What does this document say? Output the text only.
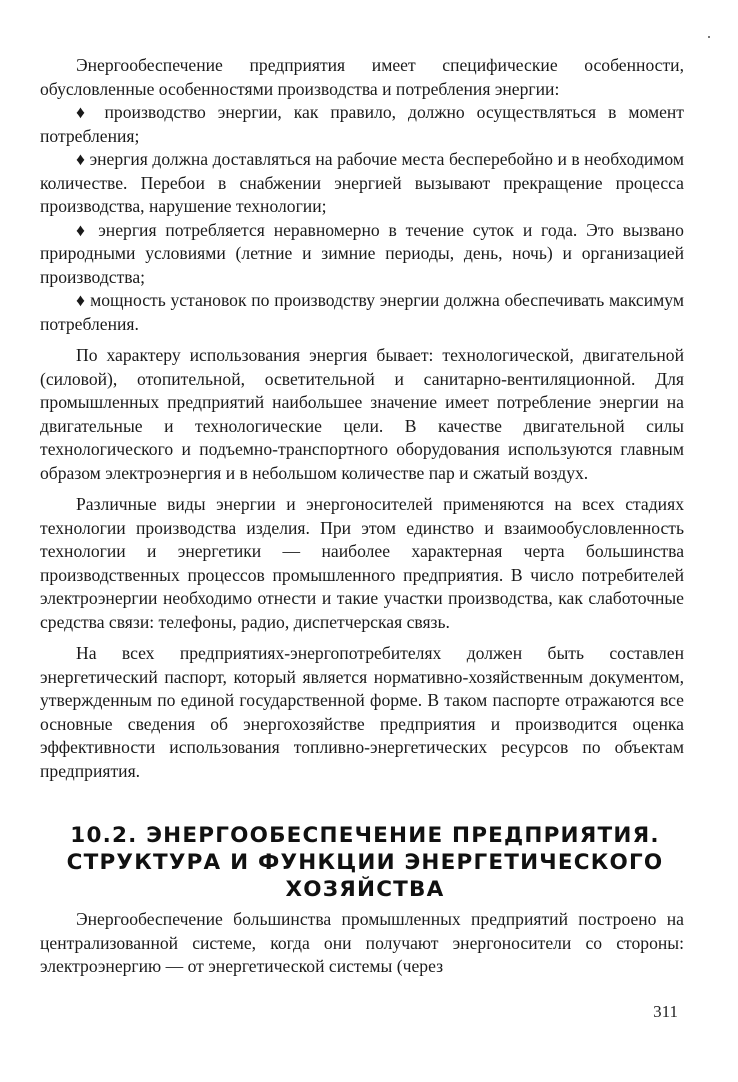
Энергообеспечение предприятия имеет специфические особенности, обусловленные особенностями производства и потребления энергии:

♦ производство энергии, как правило, должно осуществляться в момент потребления;

♦ энергия должна доставляться на рабочие места бесперебойно и в необходимом количестве. Перебои в снабжении энергией вызывают прекращение процесса производства, нарушение технологии;

♦ энергия потребляется неравномерно в течение суток и года. Это вызвано природными условиями (летние и зимние периоды, день, ночь) и организацией производства;

♦ мощность установок по производству энергии должна обеспечивать максимум потребления.

По характеру использования энергия бывает: технологической, двигательной (силовой), отопительной, осветительной и санитарно-вентиляционной. Для промышленных предприятий наибольшее значение имеет потребление энергии на двигательные и технологические цели. В качестве двигательной силы технологического и подъемно-транспортного оборудования используются главным образом электроэнергия и в небольшом количестве пар и сжатый воздух.

Различные виды энергии и энергоносителей применяются на всех стадиях технологии производства изделия. При этом единство и взаимообусловленность технологии и энергетики — наиболее характерная черта большинства производственных процессов промышленного предприятия. В число потребителей электроэнергии необходимо отнести и такие участки производства, как слаботочные средства связи: телефоны, радио, диспетчерская связь.

На всех предприятиях-энергопотребителях должен быть составлен энергетический паспорт, который является нормативно-хозяйственным документом, утвержденным по единой государственной форме. В таком паспорте отражаются все основные сведения об энергохозяйстве предприятия и производится оценка эффективности использования топливно-энергетических ресурсов по объектам предприятия.

10.2. ЭНЕРГООБЕСПЕЧЕНИЕ ПРЕДПРИЯТИЯ. СТРУКТУРА И ФУНКЦИИ ЭНЕРГЕТИЧЕСКОГО ХОЗЯЙСТВА

Энергообеспечение большинства промышленных предприятий построено на централизованной системе, когда они получают энергоносители со стороны: электроэнергию — от энергетической системы (через

311
